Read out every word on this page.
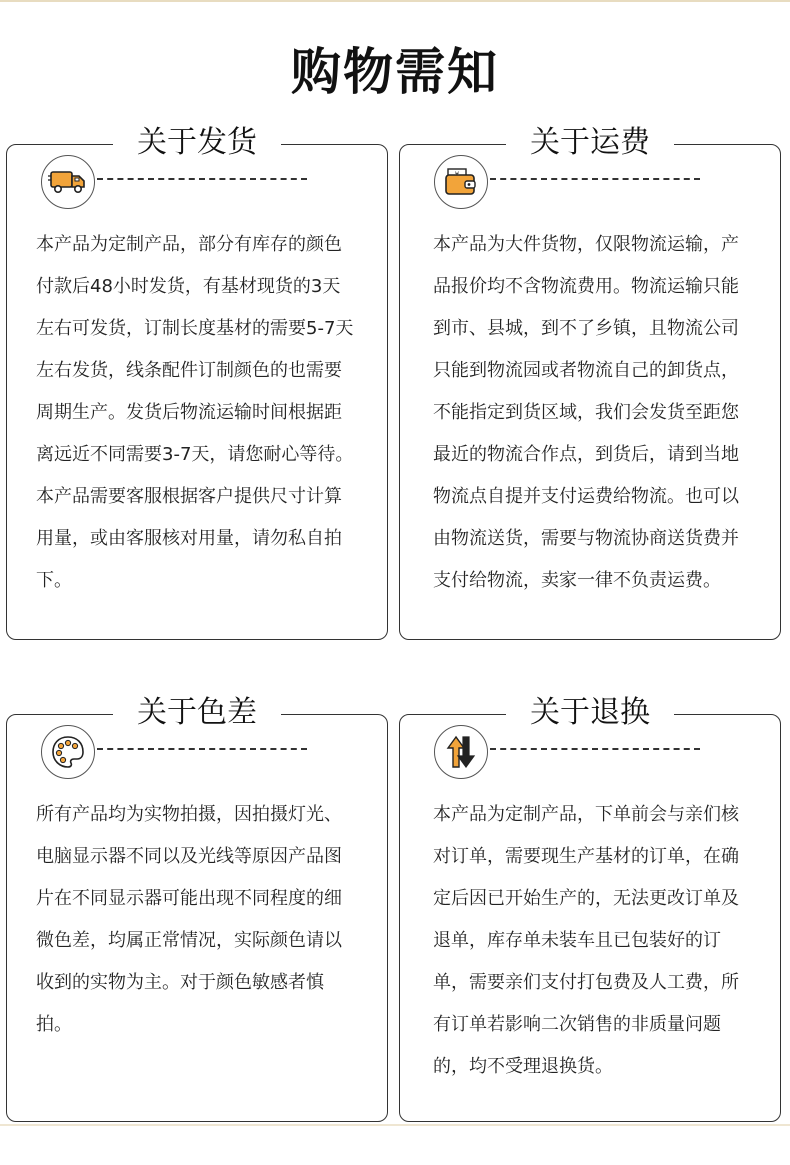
购物需知
关于发货
本产品为定制产品，部分有库存的颜色付款后48小时发货，有基材现货的3天左右可发货，订制长度基材的需要5-7天左右发货，线条配件订制颜色的也需要周期生产。发货后物流运输时间根据距离远近不同需要3-7天，请您耐心等待。本产品需要客服根据客户提供尺寸计算用量，或由客服核对用量，请勿私自拍下。
关于运费
本产品为大件货物，仅限物流运输，产品报价均不含物流费用。物流运输只能到市、县城，到不了乡镇，且物流公司只能到物流园或者物流自己的卸货点，不能指定到货区域，我们会发货至距您最近的物流合作点，到货后，请到当地物流点自提并支付运费给物流。也可以由物流送货，需要与物流协商送货费并支付给物流，卖家一律不负责运费。
关于色差
所有产品均为实物拍摄，因拍摄灯光、电脑显示器不同以及光线等原因产品图片在不同显示器可能出现不同程度的细微色差，均属正常情况，实际颜色请以收到的实物为主。对于颜色敏感者慎拍。
关于退换
本产品为定制产品，下单前会与亲们核对订单，需要现生产基材的订单，在确定后因已开始生产的，无法更改订单及退单，库存单未装车且已包装好的订单，需要亲们支付打包费及人工费，所有订单若影响二次销售的非质量问题的，均不受理退换货。
